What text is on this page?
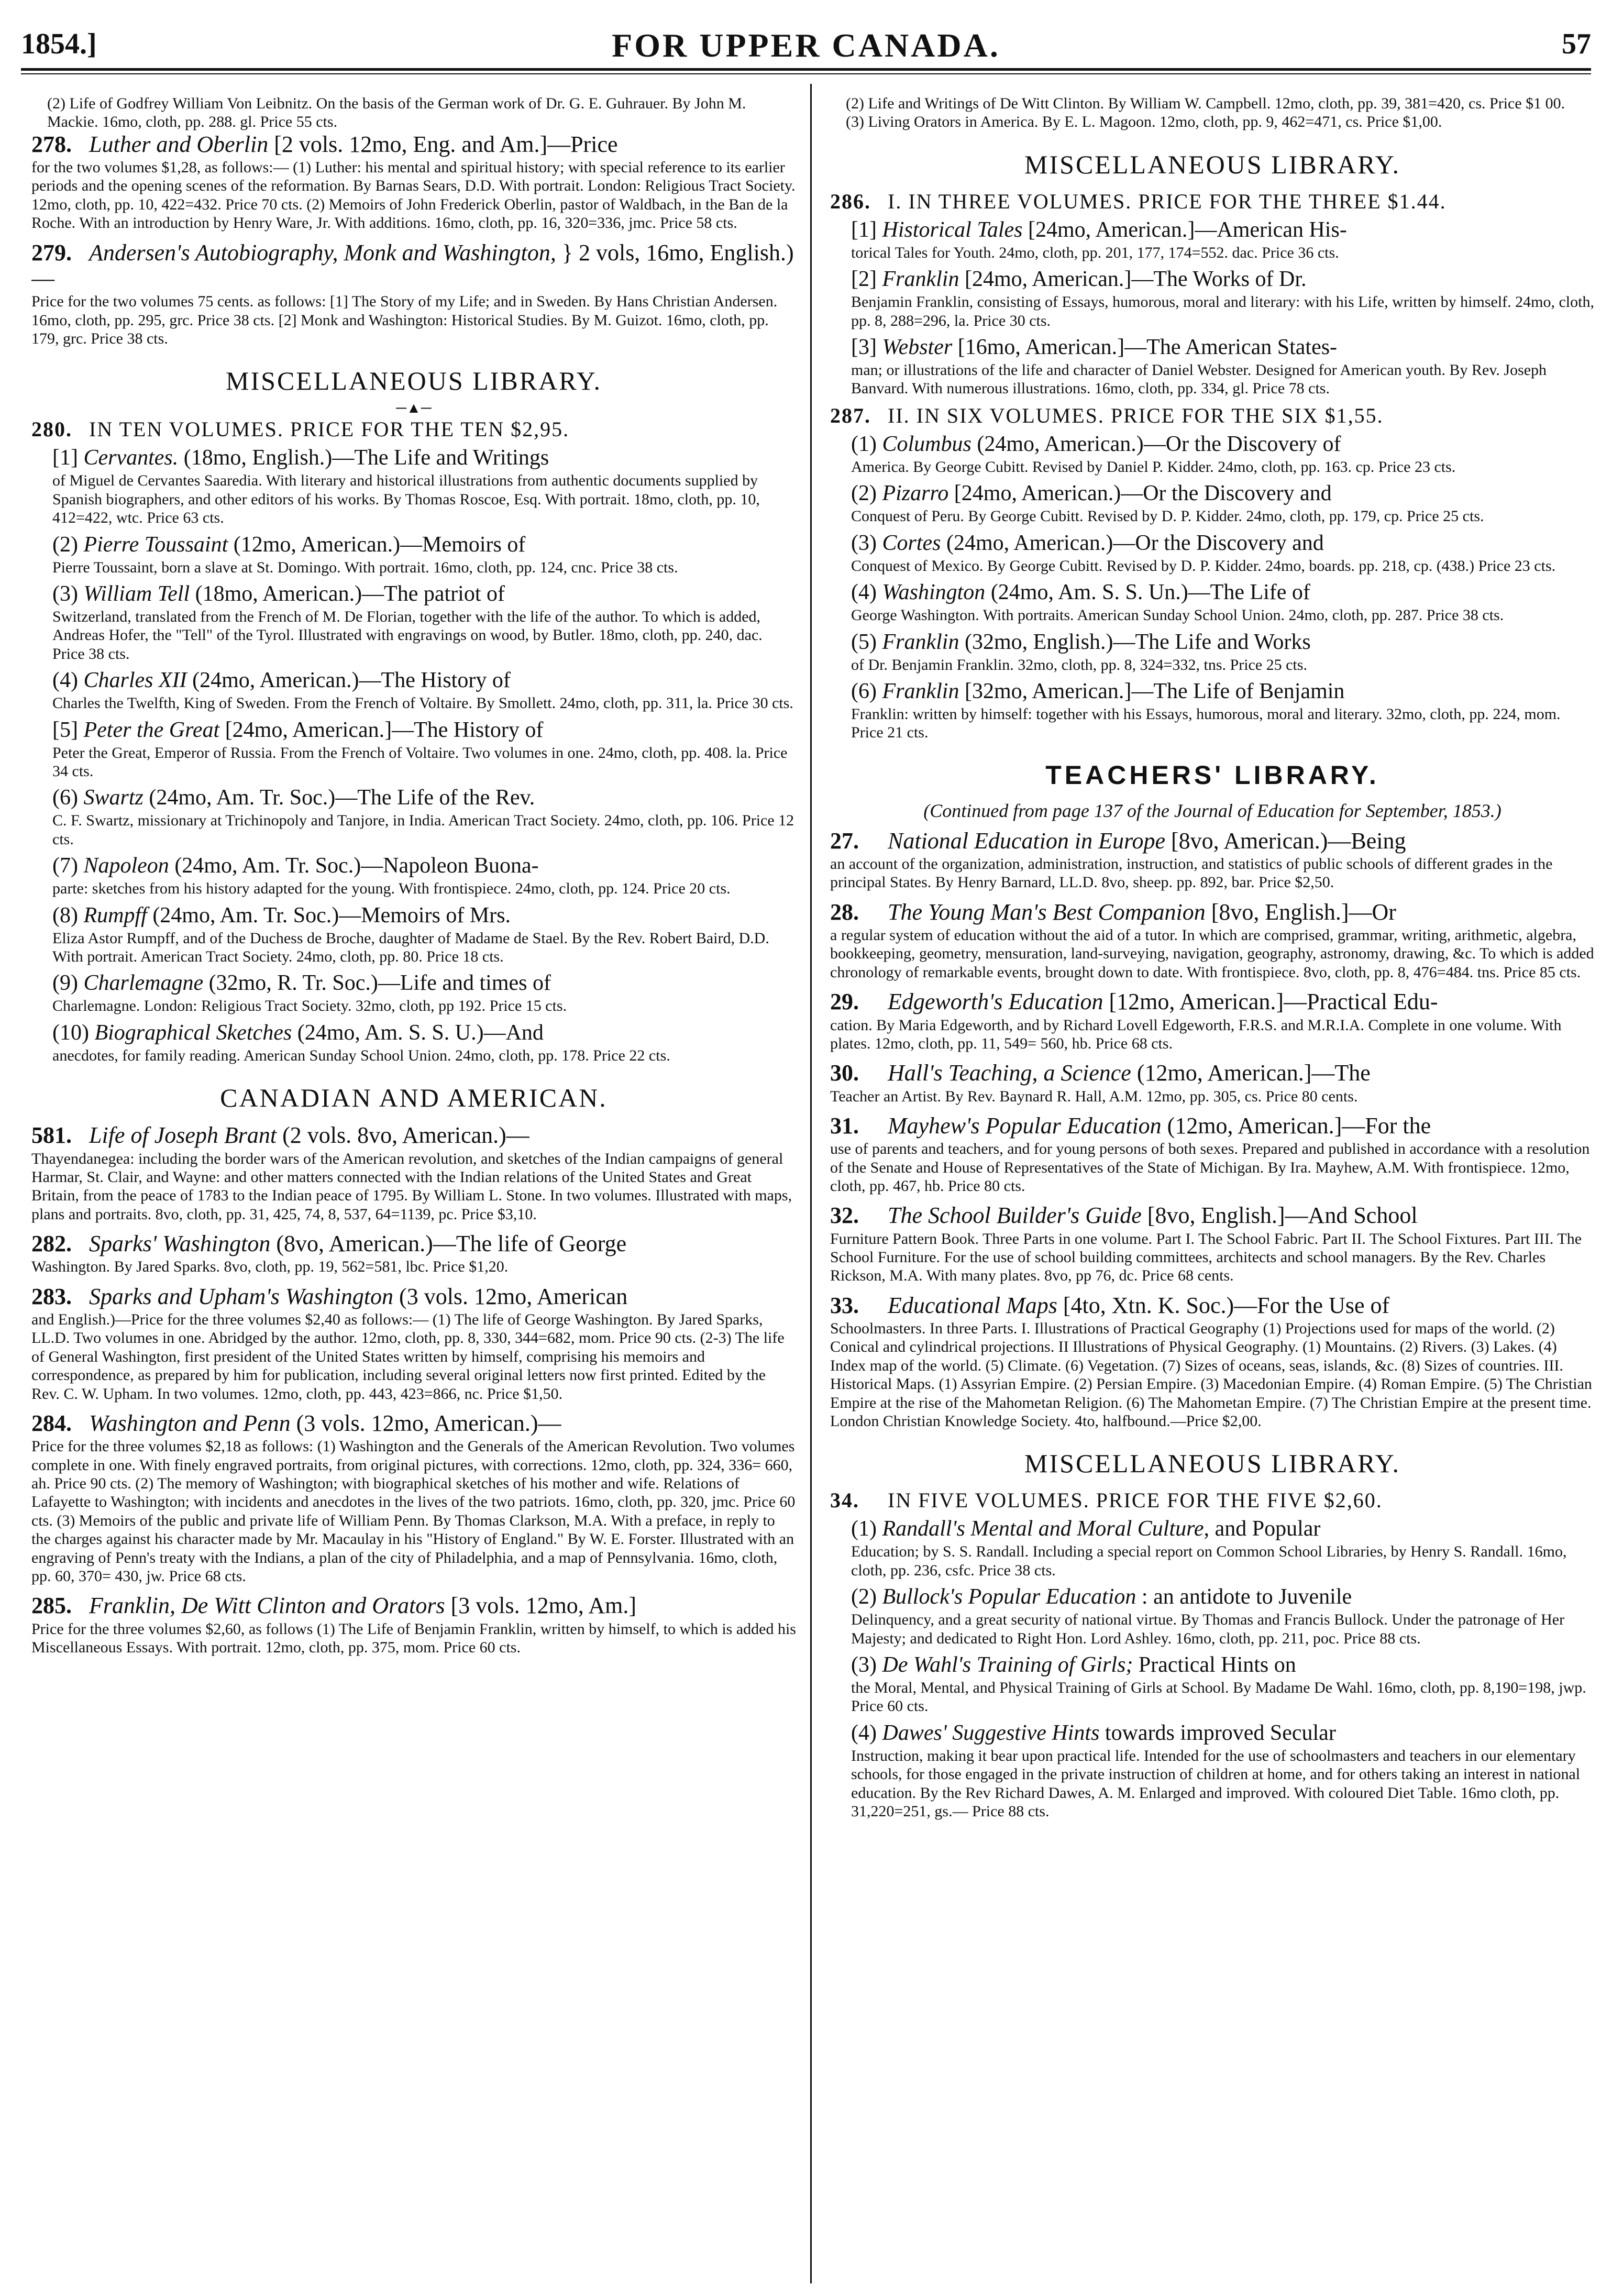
1854.]	FOR UPPER CANADA.	57
(2) Life of Godfrey William Von Leibnitz. On the basis of the German work of Dr. G. E. Guhrauer. By John M. Mackie. 16mo, cloth, pp. 288. gl. Price 55 cts.
278. Luther and Oberlin [2 vols. 12mo, Eng. and Am.]—Price
for the two volumes $1,28, as follows:— (1) Luther: his mental and spiritual history; with special reference to its earlier periods and the opening scenes of the reformation. By Barnas Sears, D.D. With portrait. London: Religious Tract Society. 12mo, cloth, pp. 10, 422=432. Price 70 cts. (2) Memoirs of John Frederick Oberlin, pastor of Waldbach, in the Ban de la Roche. With an introduction by Henry Ware, Jr. With additions. 16mo, cloth, pp. 16, 320=336, jmc. Price 58 cts.
279. Andersen's Autobiography, Monk and Washington, } 2 vols, 16mo, English.)—
Price for the two volumes 75 cents. as follows: [1] The Story of my Life; and in Sweden. By Hans Christian Andersen. 16mo, cloth, pp. 295, grc. Price 38 cts. [2] Monk and Washington: Historical Studies. By M. Guizot. 16mo, cloth, pp. 179, grc. Price 38 cts.
MISCELLANEOUS LIBRARY.
─▲─
280. IN TEN VOLUMES. PRICE FOR THE TEN $2,95.
[1] Cervantes. (18mo, English.)—The Life and Writings
of Miguel de Cervantes Saaredia. With literary and historical illustrations from authentic documents supplied by Spanish biographers, and other editors of his works. By Thomas Roscoe, Esq. With portrait. 18mo, cloth, pp. 10, 412=422, wtc. Price 63 cts.
(2) Pierre Toussaint (12mo, American.)—Memoirs of
Pierre Toussaint, born a slave at St. Domingo. With portrait. 16mo, cloth, pp. 124, cnc. Price 38 cts.
(3) William Tell (18mo, American.)—The patriot of
Switzerland, translated from the French of M. De Florian, together with the life of the author. To which is added, Andreas Hofer, the "Tell" of the Tyrol. Illustrated with engravings on wood, by Butler. 18mo, cloth, pp. 240, dac. Price 38 cts.
(4) Charles XII (24mo, American.)—The History of
Charles the Twelfth, King of Sweden. From the French of Voltaire. By Smollett. 24mo, cloth, pp. 311, la. Price 30 cts.
[5] Peter the Great [24mo, American.]—The History of
Peter the Great, Emperor of Russia. From the French of Voltaire. Two volumes in one. 24mo, cloth, pp. 408. la. Price 34 cts.
(6) Swartz (24mo, Am. Tr. Soc.)—The Life of the Rev.
C. F. Swartz, missionary at Trichinopoly and Tanjore, in India. American Tract Society. 24mo, cloth, pp. 106. Price 12 cts.
(7) Napoleon (24mo, Am. Tr. Soc.)—Napoleon Buona-
parte: sketches from his history adapted for the young. With frontispiece. 24mo, cloth, pp. 124. Price 20 cts.
(8) Rumpff (24mo, Am. Tr. Soc.)—Memoirs of Mrs.
Eliza Astor Rumpff, and of the Duchess de Broche, daughter of Madame de Stael. By the Rev. Robert Baird, D.D. With portrait. American Tract Society. 24mo, cloth, pp. 80. Price 18 cts.
(9) Charlemagne (32mo, R. Tr. Soc.)—Life and times of
Charlemagne. London: Religious Tract Society. 32mo, cloth, pp 192. Price 15 cts.
(10) Biographical Sketches (24mo, Am. S. S. U.)—And
anecdotes, for family reading. American Sunday School Union. 24mo, cloth, pp. 178. Price 22 cts.
CANADIAN AND AMERICAN.
581. Life of Joseph Brant (2 vols. 8vo, American.)—
Thayendanegea: including the border wars of the American revolution, and sketches of the Indian campaigns of general Harmar, St. Clair, and Wayne: and other matters connected with the Indian relations of the United States and Great Britain, from the peace of 1783 to the Indian peace of 1795. By William L. Stone. In two volumes. Illustrated with maps, plans and portraits. 8vo, cloth, pp. 31, 425, 74, 8, 537, 64=1139, pc. Price $3,10.
282. Sparks' Washington (8vo, American.)—The life of George
Washington. By Jared Sparks. 8vo, cloth, pp. 19, 562=581, lbc. Price $1,20.
283. Sparks and Upham's Washington (3 vols. 12mo, American
and English.)—Price for the three volumes $2,40 as follows:— (1) The life of George Washington. By Jared Sparks, LL.D. Two volumes in one. Abridged by the author. 12mo, cloth, pp. 8, 330, 344=682, mom. Price 90 cts. (2-3) The life of General Washington, first president of the United States written by himself, comprising his memoirs and correspondence, as prepared by him for publication, including several original letters now first printed. Edited by the Rev. C. W. Upham. In two volumes. 12mo, cloth, pp. 443, 423=866, nc. Price $1,50.
284. Washington and Penn (3 vols. 12mo, American.)—
Price for the three volumes $2,18 as follows: (1) Washington and the Generals of the American Revolution. Two volumes complete in one. With finely engraved portraits, from original pictures, with corrections. 12mo, cloth, pp. 324, 336= 660, ah. Price 90 cts. (2) The memory of Washington; with biographical sketches of his mother and wife. Relations of Lafayette to Washington; with incidents and anecdotes in the lives of the two patriots. 16mo, cloth, pp. 320, jmc. Price 60 cts. (3) Memoirs of the public and private life of William Penn. By Thomas Clarkson, M.A. With a preface, in reply to the charges against his character made by Mr. Macaulay in his "History of England." By W. E. Forster. Illustrated with an engraving of Penn's treaty with the Indians, a plan of the city of Philadelphia, and a map of Pennsylvania. 16mo, cloth, pp. 60, 370= 430, jw. Price 68 cts.
285. Franklin, De Witt Clinton and Orators [3 vols. 12mo, Am.]
Price for the three volumes $2,60, as follows (1) The Life of Benjamin Franklin, written by himself, to which is added his Miscellaneous Essays. With portrait. 12mo, cloth, pp. 375, mom. Price 60 cts.
(2) Life and Writings of De Witt Clinton. By William W. Campbell. 12mo, cloth, pp. 39, 381=420, cs. Price $1 00.
(3) Living Orators in America. By E. L. Magoon. 12mo, cloth, pp. 9, 462=471, cs. Price $1,00.
MISCELLANEOUS LIBRARY.
286. I. IN THREE VOLUMES. PRICE FOR THE THREE $1.44.
[1] Historical Tales [24mo, American.]—American His-
torical Tales for Youth. 24mo, cloth, pp. 201, 177, 174=552. dac. Price 36 cts.
[2] Franklin [24mo, American.]—The Works of Dr.
Benjamin Franklin, consisting of Essays, humorous, moral and literary: with his Life, written by himself. 24mo, cloth, pp. 8, 288=296, la. Price 30 cts.
[3] Webster [16mo, American.]—The American States-
man; or illustrations of the life and character of Daniel Webster. Designed for American youth. By Rev. Joseph Banvard. With numerous illustrations. 16mo, cloth, pp. 334, gl. Price 78 cts.
287. II. IN SIX VOLUMES. PRICE FOR THE SIX $1,55.
(1) Columbus (24mo, American.)—Or the Discovery of
America. By George Cubitt. Revised by Daniel P. Kidder. 24mo, cloth, pp. 163. cp. Price 23 cts.
(2) Pizarro [24mo, American.)—Or the Discovery and
Conquest of Peru. By George Cubitt. Revised by D. P. Kidder. 24mo, cloth, pp. 179, cp. Price 25 cts.
(3) Cortes (24mo, American.)—Or the Discovery and
Conquest of Mexico. By George Cubitt. Revised by D. P. Kidder. 24mo, boards. pp. 218, cp. (438.) Price 23 cts.
(4) Washington (24mo, Am. S. S. Un.)—The Life of
George Washington. With portraits. American Sunday School Union. 24mo, cloth, pp. 287. Price 38 cts.
(5) Franklin (32mo, English.)—The Life and Works
of Dr. Benjamin Franklin. 32mo, cloth, pp. 8, 324=332, tns. Price 25 cts.
(6) Franklin [32mo, American.]—The Life of Benjamin
Franklin: written by himself: together with his Essays, humorous, moral and literary. 32mo, cloth, pp. 224, mom. Price 21 cts.
TEACHERS' LIBRARY.
(Continued from page 137 of the Journal of Education for September, 1853.)
27. National Education in Europe [8vo, American.)—Being
an account of the organization, administration, instruction, and statistics of public schools of different grades in the principal States. By Henry Barnard, LL.D. 8vo, sheep. pp. 892, bar. Price $2,50.
28. The Young Man's Best Companion [8vo, English.]—Or
a regular system of education without the aid of a tutor. In which are comprised, grammar, writing, arithmetic, algebra, bookkeeping, geometry, mensuration, land-surveying, navigation, geography, astronomy, drawing, &c. To which is added chronology of remarkable events, brought down to date. With frontispiece. 8vo, cloth, pp. 8, 476=484. tns. Price 85 cts.
29. Edgeworth's Education [12mo, American.]—Practical Edu-
cation. By Maria Edgeworth, and by Richard Lovell Edgeworth, F.R.S. and M.R.I.A. Complete in one volume. With plates. 12mo, cloth, pp. 11, 549= 560, hb. Price 68 cts.
30. Hall's Teaching, a Science (12mo, American.]—The
Teacher an Artist. By Rev. Baynard R. Hall, A.M. 12mo, pp. 305, cs. Price 80 cents.
31. Mayhew's Popular Education (12mo, American.]—For the
use of parents and teachers, and for young persons of both sexes. Prepared and published in accordance with a resolution of the Senate and House of Representatives of the State of Michigan. By Ira. Mayhew, A.M. With frontispiece. 12mo, cloth, pp. 467, hb. Price 80 cts.
32. The School Builder's Guide [8vo, English.]—And School
Furniture Pattern Book. Three Parts in one volume. Part I. The School Fabric. Part II. The School Fixtures. Part III. The School Furniture. For the use of school building committees, architects and school managers. By the Rev. Charles Rickson, M.A. With many plates. 8vo, pp 76, dc. Price 68 cents.
33. Educational Maps [4to, Xtn. K. Soc.)—For the Use of
Schoolmasters. In three Parts. I. Illustrations of Practical Geography (1) Projections used for maps of the world. (2) Conical and cylindrical projections. II Illustrations of Physical Geography. (1) Mountains. (2) Rivers. (3) Lakes. (4) Index map of the world. (5) Climate. (6) Vegetation. (7) Sizes of oceans, seas, islands, &c. (8) Sizes of countries. III. Historical Maps. (1) Assyrian Empire. (2) Persian Empire. (3) Macedonian Empire. (4) Roman Empire. (5) The Christian Empire at the rise of the Mahometan Religion. (6) The Mahometan Empire. (7) The Christian Empire at the present time. London Christian Knowledge Society. 4to, halfbound.—Price $2,00.
MISCELLANEOUS LIBRARY.
34. IN FIVE VOLUMES. PRICE FOR THE FIVE $2,60.
(1) Randall's Mental and Moral Culture, and Popular
Education; by S. S. Randall. Including a special report on Common School Libraries, by Henry S. Randall. 16mo, cloth, pp. 236, csfc. Price 38 cts.
(2) Bullock's Popular Education : an antidote to Juvenile
Delinquency, and a great security of national virtue. By Thomas and Francis Bullock. Under the patronage of Her Majesty; and dedicated to Right Hon. Lord Ashley. 16mo, cloth, pp. 211, poc. Price 88 cts.
(3) De Wahl's Training of Girls; Practical Hints on
the Moral, Mental, and Physical Training of Girls at School. By Madame De Wahl. 16mo, cloth, pp. 8,190=198, jwp. Price 60 cts.
(4) Dawes' Suggestive Hints towards improved Secular
Instruction, making it bear upon practical life. Intended for the use of schoolmasters and teachers in our elementary schools, for those engaged in the private instruction of children at home, and for others taking an interest in national education. By the Rev Richard Dawes, A. M. Enlarged and improved. With coloured Diet Table. 16mo cloth, pp. 31,220=251, gs.— Price 88 cts.
